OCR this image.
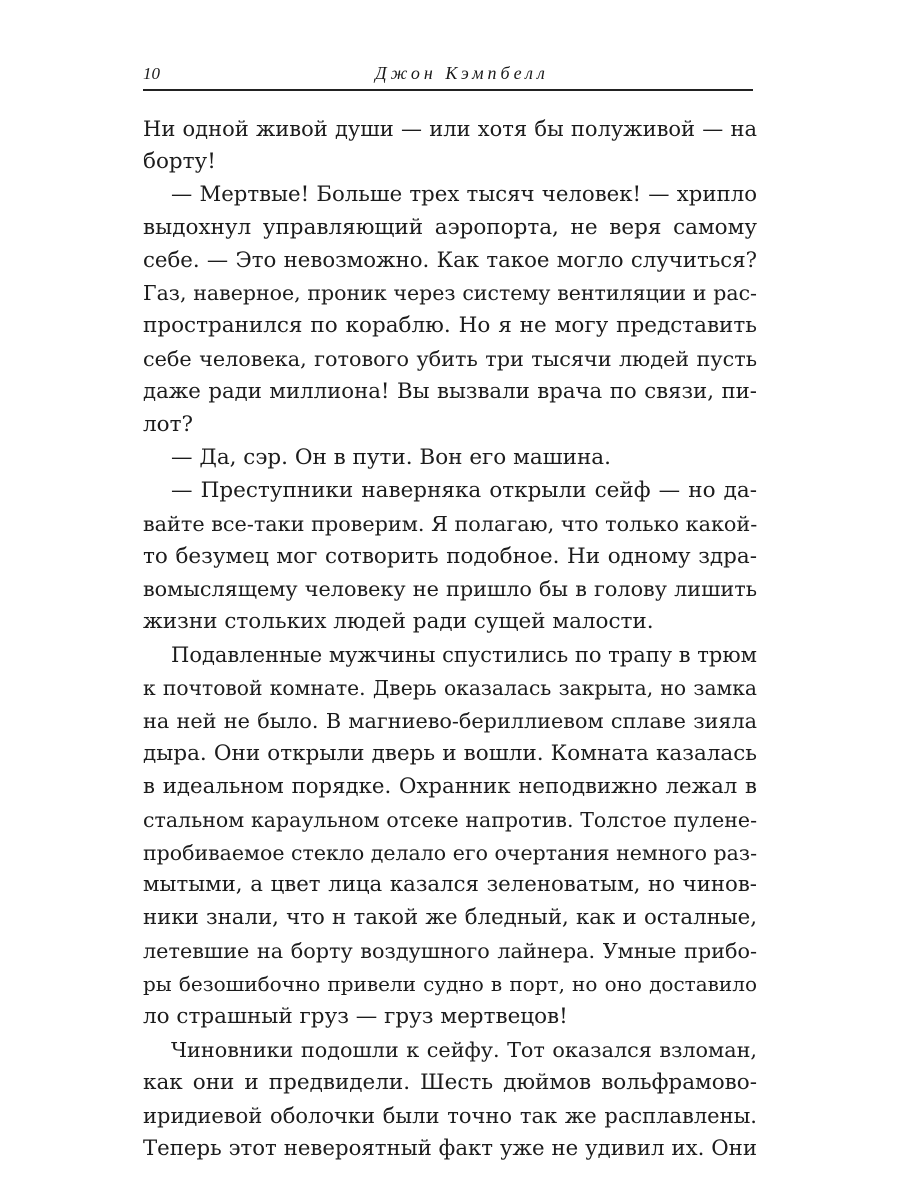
10	Джон Кэмпбелл
Ни одной живой души — или хотя бы полуживой — на
борту!
— Мертвые! Больше трех тысяч человек! — хрипло
выдохнул управляющий аэропорта, не веря самому
себе. — Это невозможно. Как такое могло случиться?
Газ, наверное, проник через систему вентиляции и рас-
пространился по кораблю. Но я не могу представить
себе человека, готового убить три тысячи людей пусть
даже ради миллиона! Вы вызвали врача по связи, пи-
лот?
— Да, сэр. Он в пути. Вон его машина.
— Преступники наверняка открыли сейф — но да-
вайте все-таки проверим. Я полагаю, что только какой-
то безумец мог сотворить подобное. Ни одному здра-
вомыслящему человеку не пришло бы в голову лишить
жизни стольких людей ради сущей малости.
Подавленные мужчины спустились по трапу в трюм
к почтовой комнате. Дверь оказалась закрыта, но замка
на ней не было. В магниево-бериллиевом сплаве зияла
дыра. Они открыли дверь и вошли. Комната казалась
в идеальном порядке. Охранник неподвижно лежал в
стальном караульном отсеке напротив. Толстое пуленe-
пробиваемое стекло делало его очертания немного раз-
мытыми, а цвет лица казался зеленоватым, но чинов-
ники знали, что н такой же бледный, как и осталные,
летевшие на борту воздушного лайнера. Умные прибо-
ры безошибочно привели судно в порт, но оно доставило
ло страшный груз — груз мертвецов!
Чиновники подошли к сейфу. Тот оказался взломан,
как они и предвидели. Шесть дюймов вольфрамово-
иридиевой оболочки были точно так же расплавлены.
Теперь этот невероятный факт уже не удивил их. Они
